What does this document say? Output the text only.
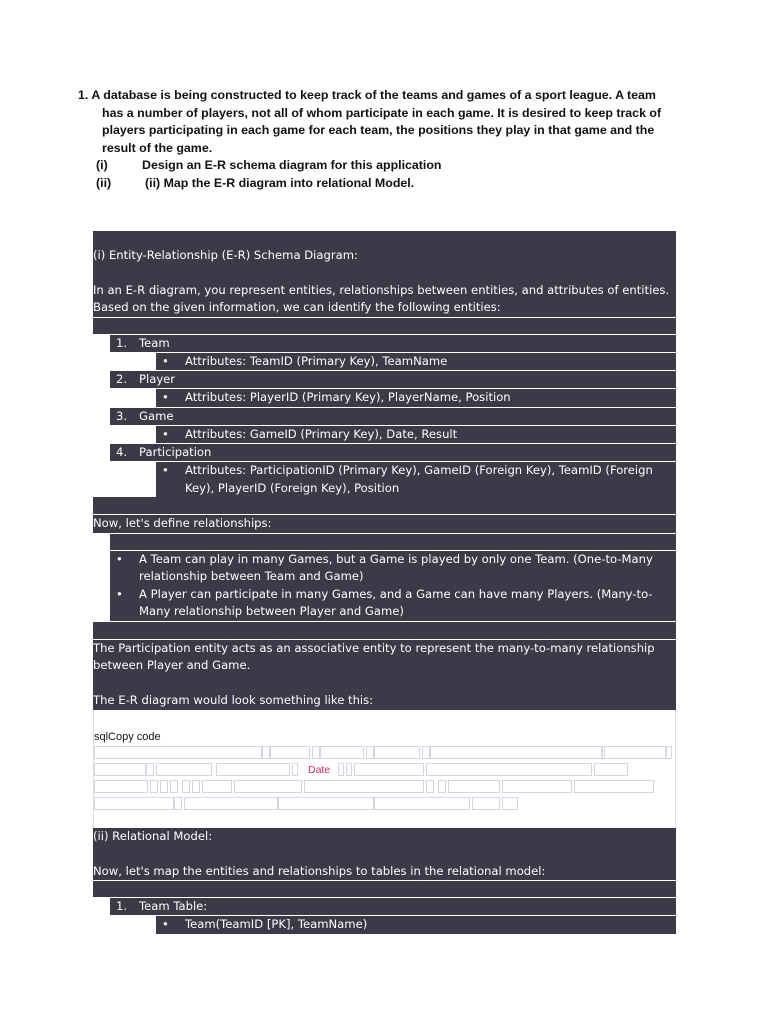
1. A database is being constructed to keep track of the teams and games of a sport league. A team has a number of players, not all of whom participate in each game. It is desired to keep track of players participating in each game for each team, the positions they play in that game and the result of the game.

(i)	Design an E-R schema diagram for this application
(ii)	(ii) Map the E-R diagram into relational Model.

(i) Entity-Relationship (E-R) Schema Diagram:

In an E-R diagram, you represent entities, relationships between entities, and attributes of entities. Based on the given information, we can identify the following entities:

1. Team
• Attributes: TeamID (Primary Key), TeamName
2. Player
• Attributes: PlayerID (Primary Key), PlayerName, Position
3. Game
• Attributes: GameID (Primary Key), Date, Result
4. Participation
• Attributes: ParticipationID (Primary Key), GameID (Foreign Key), TeamID (Foreign Key), PlayerID (Foreign Key), Position

Now, let's define relationships:

• A Team can play in many Games, but a Game is played by only one Team. (One-to-Many relationship between Team and Game)
• A Player can participate in many Games, and a Game can have many Players. (Many-to-Many relationship between Player and Game)

The Participation entity acts as an associative entity to represent the many-to-many relationship between Player and Game.

The E-R diagram would look something like this:

sqlCopy code
Date

(ii) Relational Model:

Now, let's map the entities and relationships to tables in the relational model:

1. Team Table:
• Team(TeamID [PK], TeamName)
